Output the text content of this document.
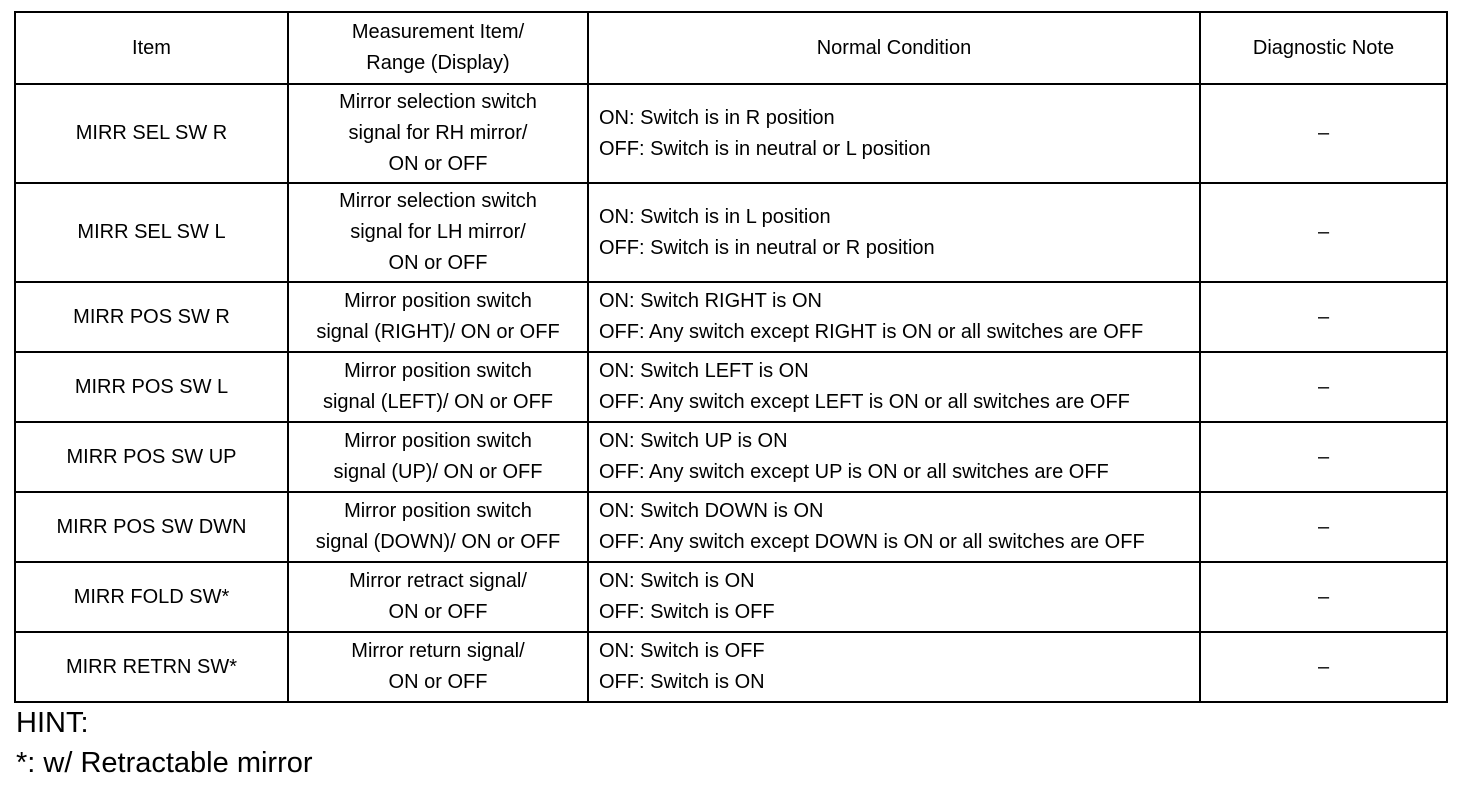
Item	Measurement Item/
Range (Display)	Normal Condition	Diagnostic Note
MIRR SEL SW R	Mirror selection switch
signal for RH mirror/
ON or OFF	ON: Switch is in R position
OFF: Switch is in neutral or L position	–
MIRR SEL SW L	Mirror selection switch
signal for LH mirror/
ON or OFF	ON: Switch is in L position
OFF: Switch is in neutral or R position	–
MIRR POS SW R	Mirror position switch
signal (RIGHT)/ ON or OFF	ON: Switch RIGHT is ON
OFF: Any switch except RIGHT is ON or all switches are OFF	–
MIRR POS SW L	Mirror position switch
signal (LEFT)/ ON or OFF	ON: Switch LEFT is ON
OFF: Any switch except LEFT is ON or all switches are OFF	–
MIRR POS SW UP	Mirror position switch
signal (UP)/ ON or OFF	ON: Switch UP is ON
OFF: Any switch except UP is ON or all switches are OFF	–
MIRR POS SW DWN	Mirror position switch
signal (DOWN)/ ON or OFF	ON: Switch DOWN is ON
OFF: Any switch except DOWN is ON or all switches are OFF	–
MIRR FOLD SW*	Mirror retract signal/
ON or OFF	ON: Switch is ON
OFF: Switch is OFF	–
MIRR RETRN SW*	Mirror return signal/
ON or OFF	ON: Switch is OFF
OFF: Switch is ON	–
HINT:
*: w/ Retractable mirror
